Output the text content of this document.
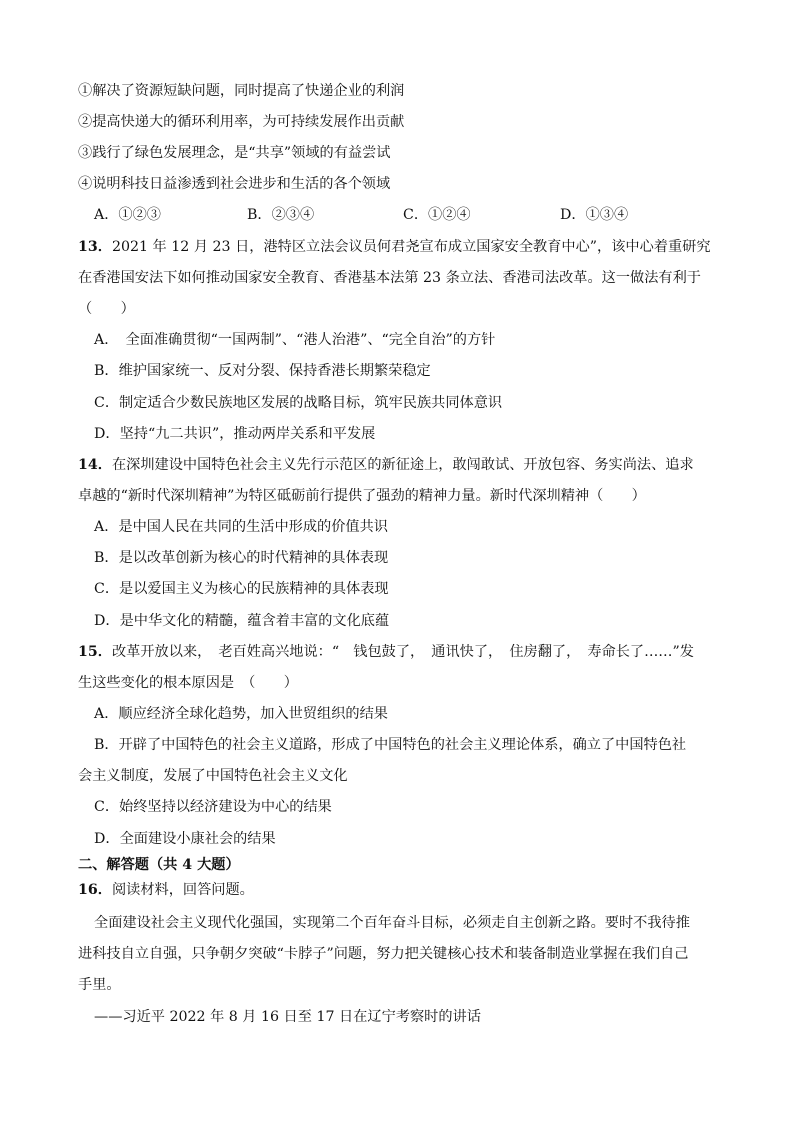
①解决了资源短缺问题，同时提高了快递企业的利润
②提高快递大的循环利用率，为可持续发展作出贡献
③践行了绿色发展理念，是“共享”领域的有益尝试
④说明科技日益渗透到社会进步和生活的各个领域
A．①②③	B．②③④	C．①②④	D．①③④
13．2021 年 12 月 23 日，港特区立法会议员何君尧宣布成立国家安全教育中心”，该中心着重研究
在香港国安法下如何推动国家安全教育、香港基本法第 23 条立法、香港司法改革。这一做法有利于
（　　）
A．　全面准确贯彻“一国两制”、“港人治港”、“完全自治”的方针
B．维护国家统一、反对分裂、保持香港长期繁荣稳定
C．制定适合少数民族地区发展的战略目标，筑牢民族共同体意识
D．坚持“九二共识”，推动两岸关系和平发展
14．在深圳建设中国特色社会主义先行示范区的新征途上，敢闯敢试、开放包容、务实尚法、追求
卓越的“新时代深圳精神”为特区砥砺前行提供了强劲的精神力量。新时代深圳精神（　　）
A．是中国人民在共同的生活中形成的价值共识
B．是以改革创新为核心的时代精神的具体表现
C．是以爱国主义为核心的民族精神的具体表现
D．是中华文化的精髓，蕴含着丰富的文化底蕴
15．改革开放以来，　老百姓高兴地说：“　钱包鼓了，　通讯快了，　住房翻了，　寿命长了……”发
生这些变化的根本原因是　（　　）
A．顺应经济全球化趋势，加入世贸组织的结果
B．开辟了中国特色的社会主义道路，形成了中国特色的社会主义理论体系，确立了中国特色社
会主义制度，发展了中国特色社会主义文化
C．始终坚持以经济建设为中心的结果
D．全面建设小康社会的结果
二、解答题（共 4 大题）
16．阅读材料，回答问题。
全面建设社会主义现代化强国，实现第二个百年奋斗目标，必须走自主创新之路。要时不我待推
进科技自立自强，只争朝夕突破“卡脖子”问题，努力把关键核心技术和装备制造业掌握在我们自己
手里。
——习近平 2022 年 8 月 16 日至 17 日在辽宁考察时的讲话
